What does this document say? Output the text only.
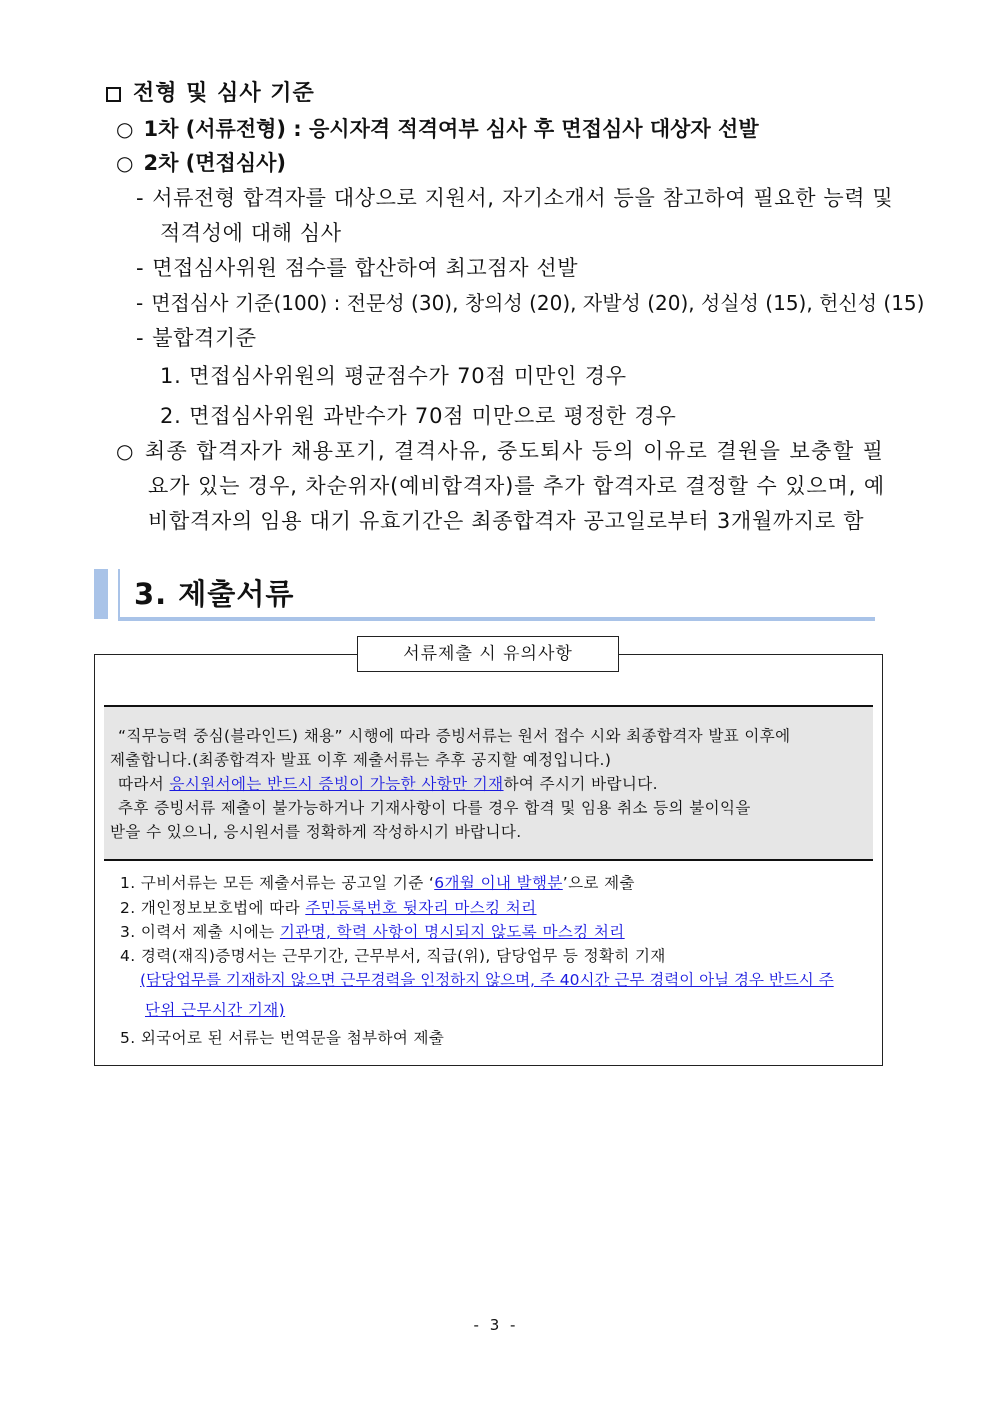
전형 및 심사 기준
○ 1차 (서류전형) : 응시자격 적격여부 심사 후 면접심사 대상자 선발
○ 2차 (면접심사)
- 서류전형 합격자를 대상으로 지원서, 자기소개서 등을 참고하여 필요한 능력 및
적격성에 대해 심사
- 면접심사위원 점수를 합산하여 최고점자 선발
- 면접심사 기준(100) : 전문성 (30), 창의성 (20), 자발성 (20), 성실성 (15), 헌신성 (15)
- 불합격기준
1. 면접심사위원의 평균점수가 70점 미만인 경우
2. 면접심사위원 과반수가 70점 미만으로 평정한 경우
○ 최종 합격자가 채용포기, 결격사유, 중도퇴사 등의 이유로 결원을 보충할 필
요가 있는 경우, 차순위자(예비합격자)를 추가 합격자로 결정할 수 있으며, 예
비합격자의 임용 대기 유효기간은 최종합격자 공고일로부터 3개월까지로 함
3. 제출서류
서류제출 시 유의사항
“직무능력 중심(블라인드) 채용” 시행에 따라 증빙서류는 원서 접수 시와 최종합격자 발표 이후에
제출합니다.(최종합격자 발표 이후 제출서류는 추후 공지할 예정입니다.)
따라서 응시원서에는 반드시 증빙이 가능한 사항만 기재하여 주시기 바랍니다.
추후 증빙서류 제출이 불가능하거나 기재사항이 다를 경우 합격 및 임용 취소 등의 불이익을
받을 수 있으니, 응시원서를 정확하게 작성하시기 바랍니다.
1. 구비서류는 모든 제출서류는 공고일 기준 ‘6개월 이내 발행분’으로 제출
2. 개인정보보호법에 따라 주민등록번호 뒷자리 마스킹 처리
3. 이력서 제출 시에는 기관명, 학력 사항이 명시되지 않도록 마스킹 처리
4. 경력(재직)증명서는 근무기간, 근무부서, 직급(위), 담당업무 등 정확히 기재
(담당업무를 기재하지 않으면 근무경력을 인정하지 않으며, 주 40시간 근무 경력이 아닐 경우 반드시 주
단위 근무시간 기재)
5. 외국어로 된 서류는 번역문을 첨부하여 제출
- 3 -
